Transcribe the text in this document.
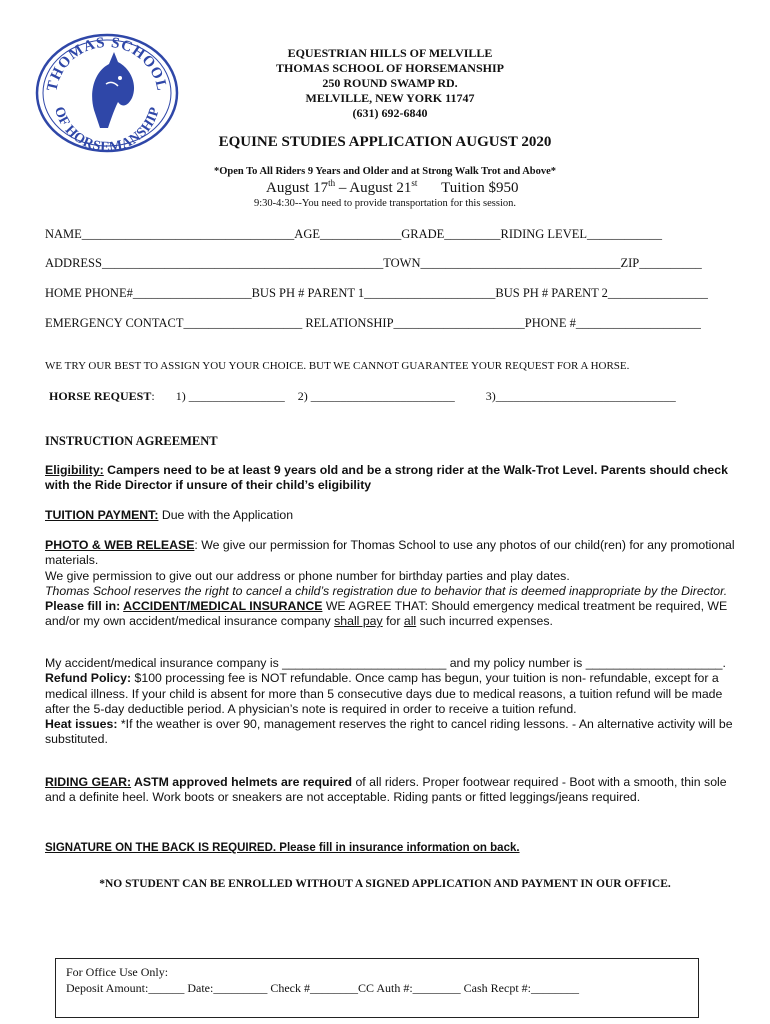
THOMAS SCHOOL
OF HORSEMANSHIP
EQUESTRIAN HILLS OF MELVILLE
THOMAS SCHOOL OF HORSEMANSHIP
250 ROUND SWAMP RD.
MELVILLE, NEW YORK 11747
(631) 692-6840
EQUINE STUDIES APPLICATION AUGUST 2020
*Open To All Riders 9 Years and Older and at Strong Walk Trot and Above*
August 17th – August 21st Tuition $950
9:30-4:30--You need to provide transportation for this session.
NAME__________________________________AGE_____________GRADE_________RIDING LEVEL____________
ADDRESS_____________________________________________TOWN________________________________ZIP__________
HOME PHONE#___________________BUS PH # PARENT 1_____________________BUS PH # PARENT 2________________
EMERGENCY CONTACT___________________ RELATIONSHIP_____________________PHONE #____________________
WE TRY OUR BEST TO ASSIGN YOU YOUR CHOICE. BUT WE CANNOT GUARANTEE YOUR REQUEST FOR A HORSE.
HORSE REQUEST: 1) ________________ 2) ________________________	3)______________________________
INSTRUCTION AGREEMENT
Eligibility: Campers need to be at least 9 years old and be a strong rider at the Walk-Trot Level. Parents should check with the Ride Director if unsure of their child’s eligibility
TUITION PAYMENT: Due with the Application
PHOTO & WEB RELEASE: We give our permission for Thomas School to use any photos of our child(ren) for any promotional materials.
We give permission to give out our address or phone number for birthday parties and play dates.
Thomas School reserves the right to cancel a child’s registration due to behavior that is deemed inappropriate by the Director.
Please fill in: ACCIDENT/MEDICAL INSURANCE WE AGREE THAT: Should emergency medical treatment be required, WE and/or my own accident/medical insurance company shall pay for all such incurred expenses.
My accident/medical insurance company is ________________________ and my policy number is ____________________.
Refund Policy: $100 processing fee is NOT refundable. Once camp has begun, your tuition is non- refundable, except for a medical illness. If your child is absent for more than 5 consecutive days due to medical reasons, a tuition refund will be made after the 5-day deductible period. A physician’s note is required in order to receive a tuition refund.
Heat issues: *If the weather is over 90, management reserves the right to cancel riding lessons. - An alternative activity will be substituted.
RIDING GEAR: ASTM approved helmets are required of all riders. Proper footwear required - Boot with a smooth, thin sole and a definite heel. Work boots or sneakers are not acceptable. Riding pants or fitted leggings/jeans required.
SIGNATURE ON THE BACK IS REQUIRED. Please fill in insurance information on back.
*NO STUDENT CAN BE ENROLLED WITHOUT A SIGNED APPLICATION AND PAYMENT IN OUR OFFICE.
For Office Use Only:
Deposit Amount:______ Date:_________ Check #________CC Auth #:________ Cash Recpt #:________
